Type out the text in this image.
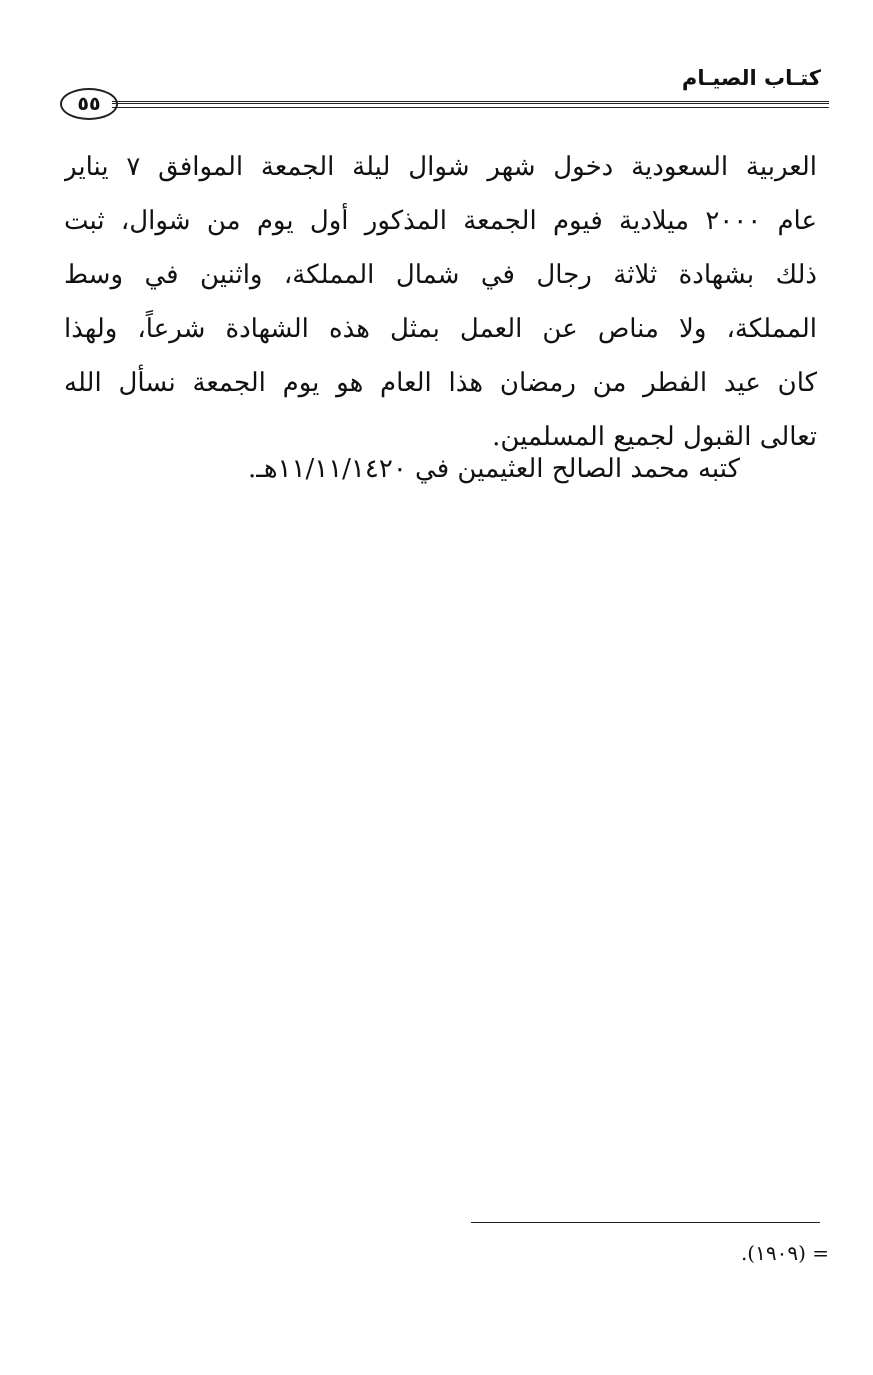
كتـاب الصيـام
٥٥
العربية السعودية دخول شهر شوال ليلة الجمعة الموافق ٧ يناير
عام ٢٠٠٠ ميلادية فيوم الجمعة المذكور أول يوم من شوال، ثبت
ذلك بشهادة ثلاثة رجال في شمال المملكة، واثنين في وسط
المملكة، ولا مناص عن العمل بمثل هذه الشهادة شرعاً، ولهذا
كان عيد الفطر من رمضان هذا العام هو يوم الجمعة نسأل الله
تعالى القبول لجميع المسلمين.
كتبه محمد الصالح العثيمين في ١١/١١/١٤٢٠هـ.
= (١٩٠٩).
